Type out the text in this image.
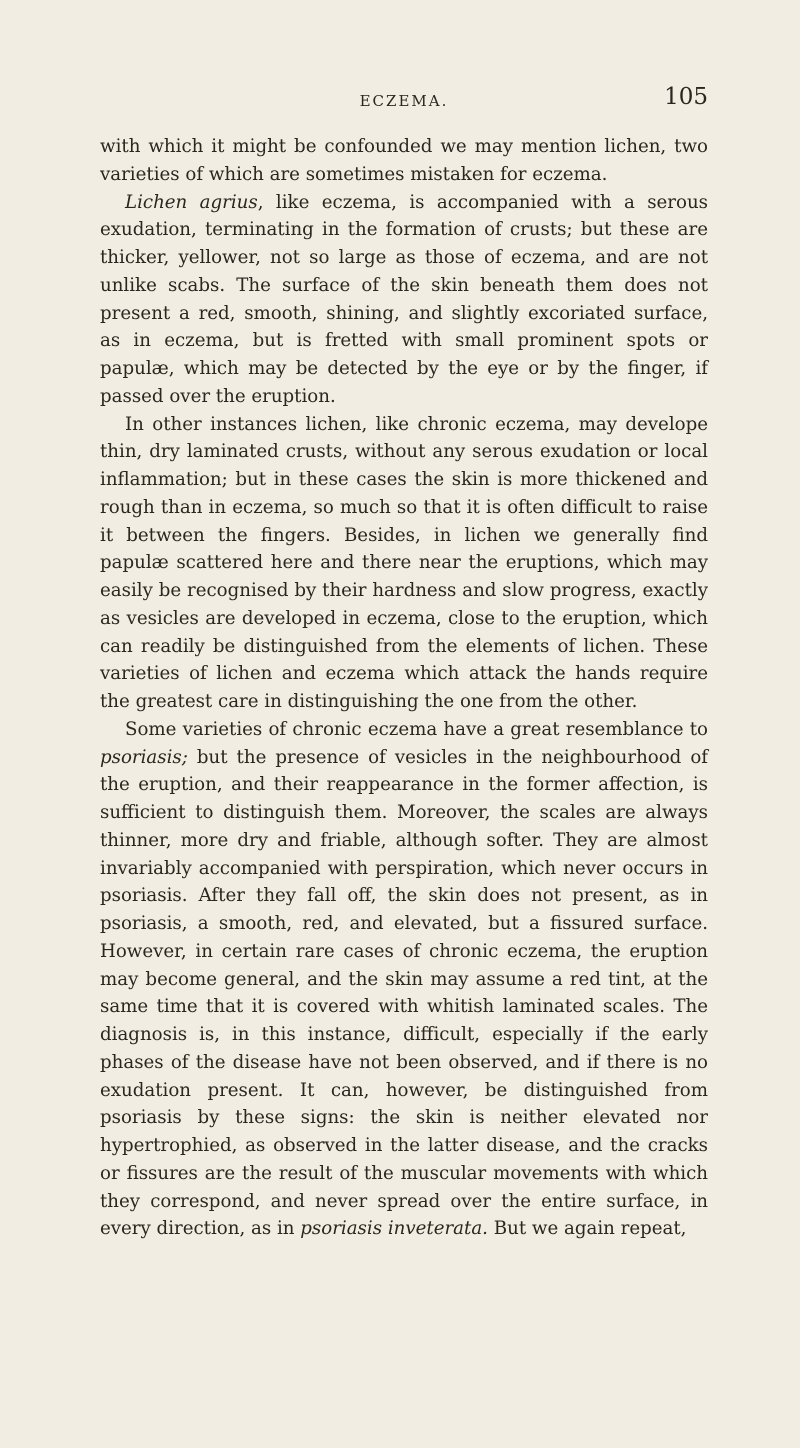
ECZEMA.	105

with which it might be confounded we may mention lichen, two varieties of which are sometimes mistaken for eczema.

Lichen agrius, like eczema, is accompanied with a serous exudation, terminating in the formation of crusts; but these are thicker, yellower, not so large as those of eczema, and are not unlike scabs. The surface of the skin beneath them does not present a red, smooth, shining, and slightly excoriated surface, as in eczema, but is fretted with small prominent spots or papulæ, which may be detected by the eye or by the finger, if passed over the eruption.

In other instances lichen, like chronic eczema, may develope thin, dry laminated crusts, without any serous exudation or local inflammation; but in these cases the skin is more thickened and rough than in eczema, so much so that it is often difficult to raise it between the fingers. Besides, in lichen we generally find papulæ scattered here and there near the eruptions, which may easily be recognised by their hardness and slow progress, exactly as vesicles are developed in eczema, close to the eruption, which can readily be distinguished from the elements of lichen. These varieties of lichen and eczema which attack the hands require the greatest care in distinguishing the one from the other.

Some varieties of chronic eczema have a great resemblance to psoriasis; but the presence of vesicles in the neighbourhood of the eruption, and their reappearance in the former affection, is sufficient to distinguish them. Moreover, the scales are always thinner, more dry and friable, although softer. They are almost invariably accompanied with perspiration, which never occurs in psoriasis. After they fall off, the skin does not present, as in psoriasis, a smooth, red, and elevated, but a fissured surface. However, in certain rare cases of chronic eczema, the eruption may become general, and the skin may assume a red tint, at the same time that it is covered with whitish laminated scales. The diagnosis is, in this instance, difficult, especially if the early phases of the disease have not been observed, and if there is no exudation present. It can, however, be distinguished from psoriasis by these signs: the skin is neither elevated nor hypertrophied, as observed in the latter disease, and the cracks or fissures are the result of the muscular movements with which they correspond, and never spread over the entire surface, in every direction, as in psoriasis inveterata. But we again repeat,
